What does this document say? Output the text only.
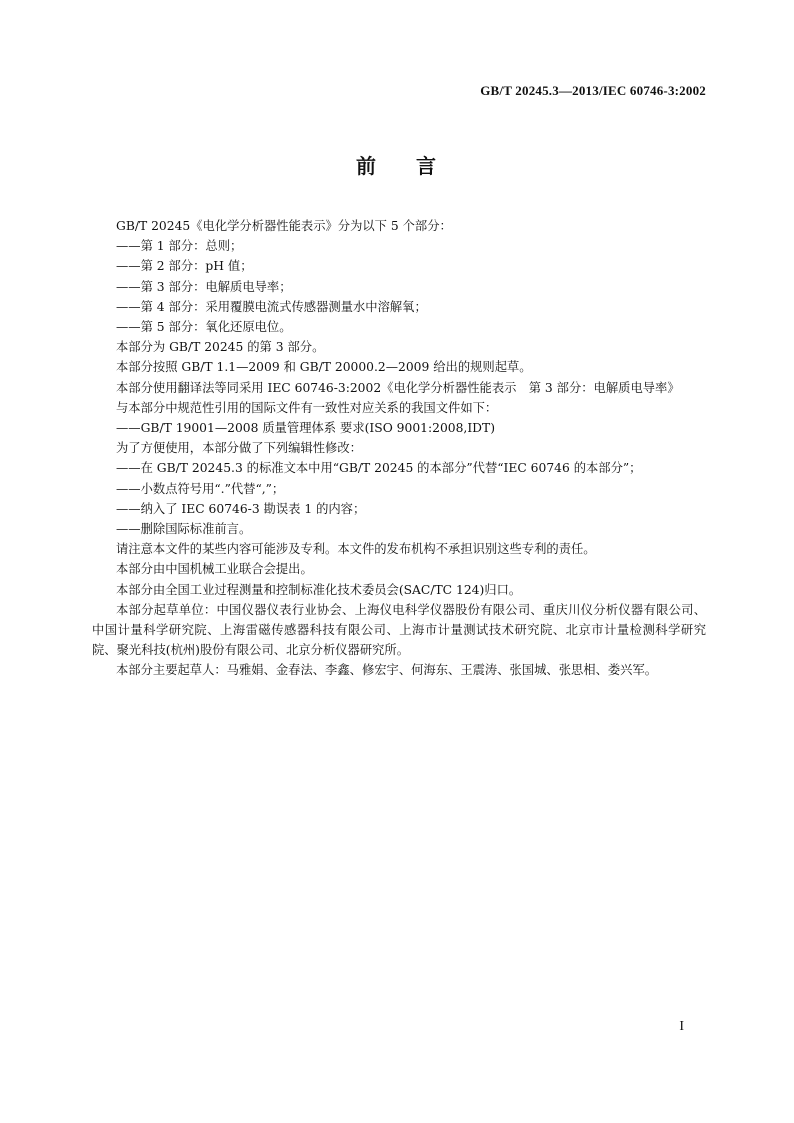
GB/T 20245.3—2013/IEC 60746-3:2002
前 言

GB/T 20245《电化学分析器性能表示》分为以下 5 个部分：

——第 1 部分：总则；

——第 2 部分：pH 值；

——第 3 部分：电解质电导率；

——第 4 部分：采用覆膜电流式传感器测量水中溶解氧；

——第 5 部分：氧化还原电位。

本部分为 GB/T 20245 的第 3 部分。

本部分按照 GB/T 1.1—2009 和 GB/T 20000.2—2009 给出的规则起草。

本部分使用翻译法等同采用 IEC 60746-3:2002《电化学分析器性能表示　第 3 部分：电解质电导率》

与本部分中规范性引用的国际文件有一致性对应关系的我国文件如下：

——GB/T 19001—2008 质量管理体系 要求(ISO 9001:2008,IDT)

为了方便使用，本部分做了下列编辑性修改：

——在 GB/T 20245.3 的标准文本中用“GB/T 20245 的本部分”代替“IEC 60746 的本部分”；

——小数点符号用“.”代替“,”；

——纳入了 IEC 60746-3 勘误表 1 的内容；

——删除国际标准前言。

请注意本文件的某些内容可能涉及专利。本文件的发布机构不承担识别这些专利的责任。

本部分由中国机械工业联合会提出。

本部分由全国工业过程测量和控制标准化技术委员会(SAC/TC 124)归口。

本部分起草单位：中国仪器仪表行业协会、上海仪电科学仪器股份有限公司、重庆川仪分析仪器有限公司、中国计量科学研究院、上海雷磁传感器科技有限公司、上海市计量测试技术研究院、北京市计量检测科学研究院、聚光科技(杭州)股份有限公司、北京分析仪器研究所。

本部分主要起草人：马雅娟、金春法、李鑫、修宏宇、何海东、王震涛、张国城、张思相、娄兴军。

I
